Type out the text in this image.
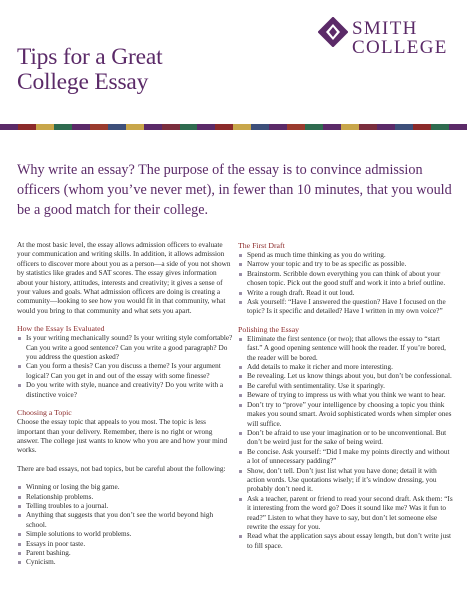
Tips for a Great
College Essay
SMITH
COLLEGE
Why write an essay? The purpose of the essay is to convince admission officers (whom you’ve never met), in fewer than 10 minutes, that you would be a good match for their college.

At the most basic level, the essay allows admission officers to evaluate your communication and writing skills. In addition, it allows admission officers to discover more about you as a person—a side of you not shown by statistics like grades and SAT scores. The essay gives information about your history, attitudes, interests and creativity; it gives a sense of your values and goals. What admission officers are doing is creating a community—looking to see how you would fit in that community, what would you bring to that community and what sets you apart.

How the Essay Is Evaluated
Is your writing mechanically sound? Is your writing style comfortable? Can you write a good sentence? Can you write a good paragraph? Do you address the question asked?
Can you form a thesis? Can you discuss a theme? Is your argument logical? Can you get in and out of the essay with some finesse?
Do you write with style, nuance and creativity? Do you write with a distinctive voice?
Choosing a Topic

Choose the essay topic that appeals to you most. The topic is less important than your delivery. Remember, there is no right or wrong answer. The college just wants to know who you are and how your mind works.

There are bad essays, not bad topics, but be careful about the following:

Winning or losing the big game.
Relationship problems.
Telling troubles to a journal.
Anything that suggests that you don’t see the world beyond high school.
Simple solutions to world problems.
Essays in poor taste.
Parent bashing.
Cynicism.
The First Draft
Spend as much time thinking as you do writing.
Narrow your topic and try to be as specific as possible.
Brainstorm. Scribble down everything you can think of about your chosen topic. Pick out the good stuff and work it into a brief outline.
Write a rough draft. Read it out loud.
Ask yourself: “Have I answered the question? Have I focused on the topic? Is it specific and detailed? Have I written in my own voice?”
Polishing the Essay
Eliminate the first sentence (or two); that allows the essay to “start fast.” A good opening sentence will hook the reader. If you’re bored, the reader will be bored.
Add details to make it richer and more interesting.
Be revealing. Let us know things about you, but don’t be confessional.
Be careful with sentimentality. Use it sparingly.
Beware of trying to impress us with what you think we want to hear.
Don’t try to “prove” your intelligence by choosing a topic you think makes you sound smart. Avoid sophisticated words when simpler ones will suffice.
Don’t be afraid to use your imagination or to be unconventional. But don’t be weird just for the sake of being weird.
Be concise. Ask yourself: “Did I make my points directly and without a lot of unnecessary padding?”
Show, don’t tell. Don’t just list what you have done; detail it with action words. Use quotations wisely; if it’s window dressing, you probably don’t need it.
Ask a teacher, parent or friend to read your second draft. Ask them: “Is it interesting from the word go? Does it sound like me? Was it fun to read?” Listen to what they have to say, but don’t let someone else rewrite the essay for you.
Read what the application says about essay length, but don’t write just to fill space.
